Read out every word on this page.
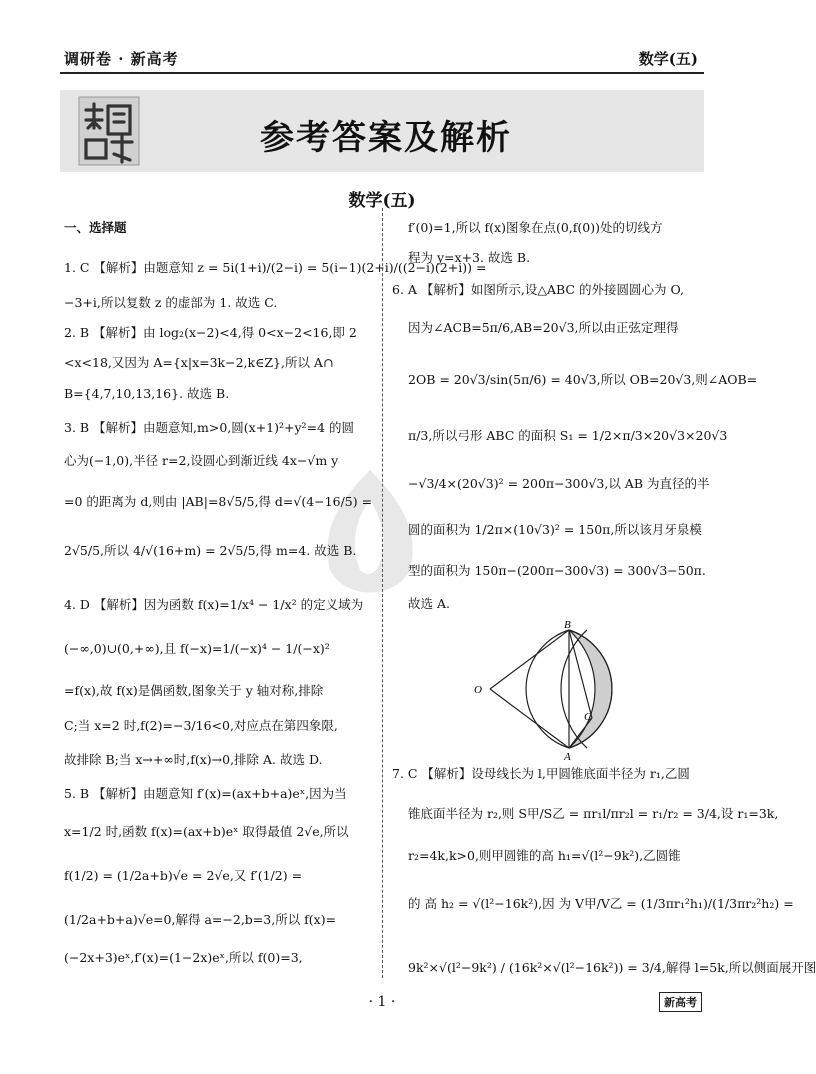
调研卷 · 新高考	数学(五)
参考答案及解析
数学(五)
一、选择题
1. C 【解析】由题意知 z = 5i(1+i)/(2−i) = 5(i−1)(2+i)/((2−i)(2+i)) =
−3+i,所以复数 z 的虚部为 1. 故选 C.
2. B 【解析】由 log₂(x−2)<4,得 0<x−2<16,即 2
<x<18,又因为 A={x|x=3k−2,k∈Z},所以 A∩
B={4,7,10,13,16}. 故选 B.
3. B 【解析】由题意知,m>0,圆(x+1)²+y²=4 的圆
心为(−1,0),半径 r=2,设圆心到渐近线 4x−√m y
=0 的距离为 d,则由 |AB|=8√5/5,得 d=√(4−16/5) =
2√5/5,所以 4/√(16+m) = 2√5/5,得 m=4. 故选 B.
4. D 【解析】因为函数 f(x)=1/x⁴ − 1/x² 的定义域为
(−∞,0)∪(0,+∞),且 f(−x)=1/(−x)⁴ − 1/(−x)²
=f(x),故 f(x)是偶函数,图象关于 y 轴对称,排除
C;当 x=2 时,f(2)=−3/16<0,对应点在第四象限,
故排除 B;当 x→+∞时,f(x)→0,排除 A. 故选 D.
5. B 【解析】由题意知 f′(x)=(ax+b+a)eˣ,因为当
x=1/2 时,函数 f(x)=(ax+b)eˣ 取得最值 2√e,所以
f(1/2) = (1/2a+b)√e = 2√e,又 f′(1/2) =
(1/2a+b+a)√e=0,解得 a=−2,b=3,所以 f(x)=
(−2x+3)eˣ,f′(x)=(1−2x)eˣ,所以 f(0)=3,
f′(0)=1,所以 f(x)图象在点(0,f(0))处的切线方
程为 y=x+3. 故选 B.
6. A 【解析】如图所示,设△ABC 的外接圆圆心为 O,
因为∠ACB=5π/6,AB=20√3,所以由正弦定理得
2OB = 20√3/sin(5π/6) = 40√3,所以 OB=20√3,则∠AOB=
π/3,所以弓形 ABC 的面积 S₁ = 1/2×π/3×20√3×20√3
−√3/4×(20√3)² = 200π−300√3,以 AB 为直径的半
圆的面积为 1/2π×(10√3)² = 150π,所以该月牙泉模
型的面积为 150π−(200π−300√3) = 300√3−50π.
故选 A.
7. C 【解析】设母线长为 l,甲圆锥底面半径为 r₁,乙圆
锥底面半径为 r₂,则 S甲/S乙 = πr₁l/πr₂l = r₁/r₂ = 3/4,设 r₁=3k,
r₂=4k,k>0,则甲圆锥的高 h₁=√(l²−9k²),乙圆锥
的 高 h₂ = √(l²−16k²),因 为 V甲/V乙 = (1/3πr₁²h₁)/(1/3πr₂²h₂) =
9k²×√(l²−9k²) / (16k²×√(l²−16k²)) = 3/4,解得 l=5k,所以侧面展开图
B
O
C
A
· 1 ·	新高考
